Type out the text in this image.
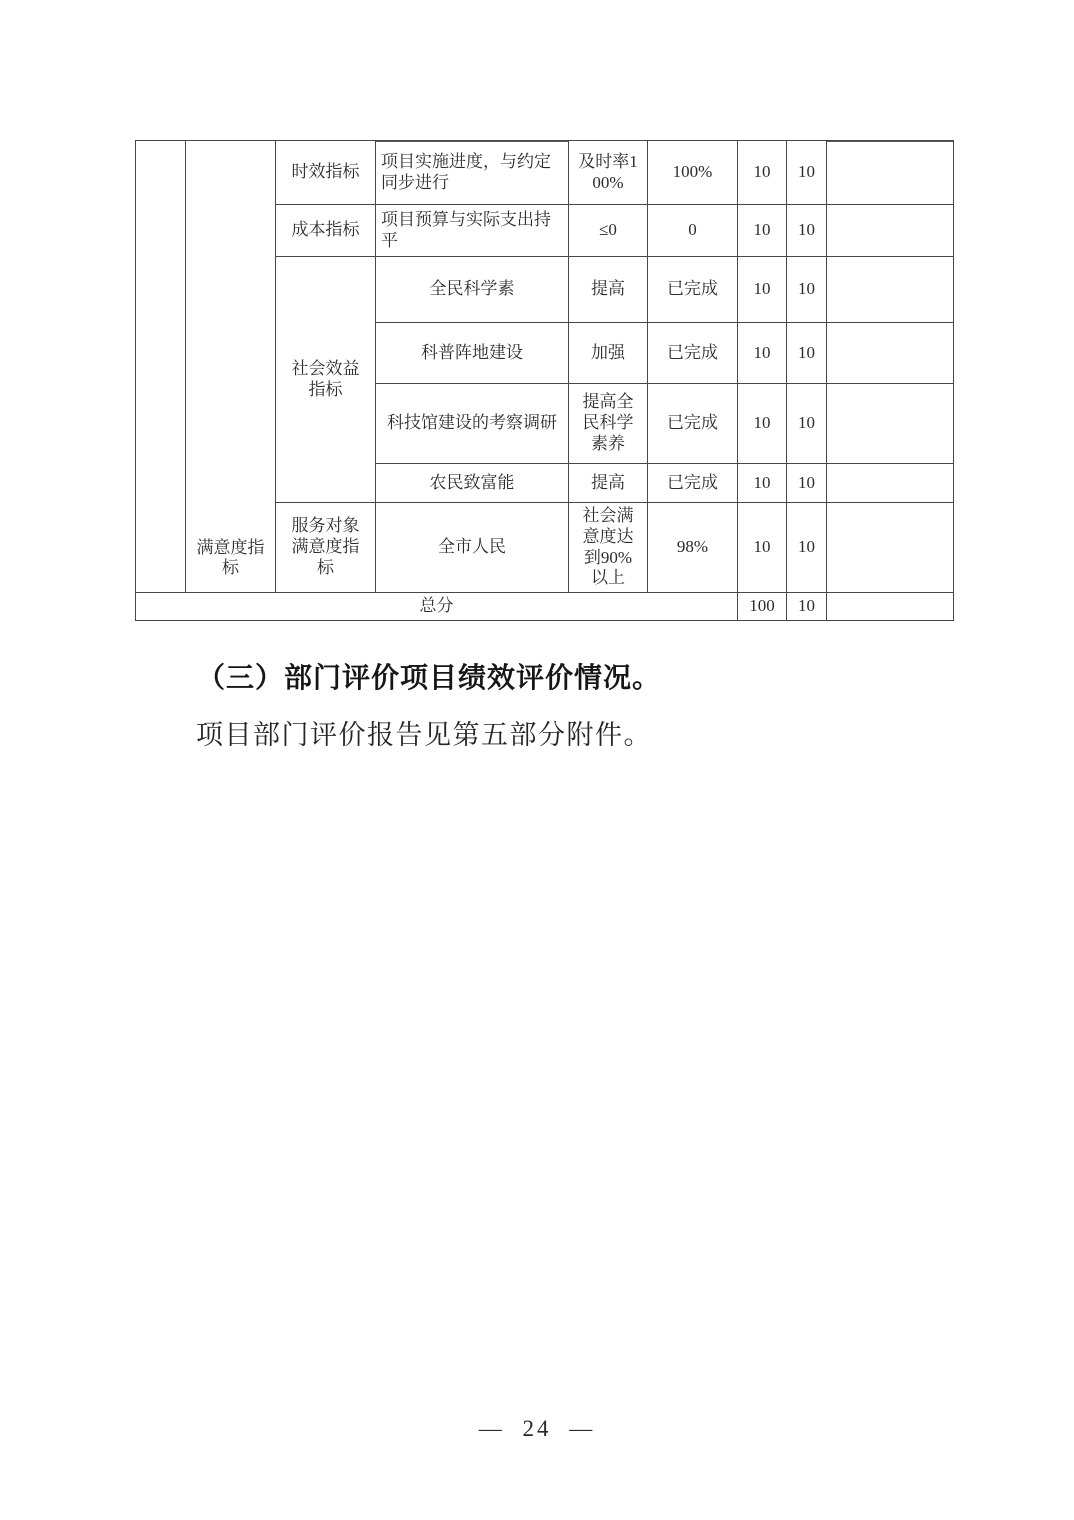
	满意度指标	时效指标	项目实施进度，与约定同步进行	及时率100%	100%	10	10	
		成本指标	项目预算与实际支出持平	≤0	0	10	10	
		社会效益指标	全民科学素	提高	已完成	10	10	
			科普阵地建设	加强	已完成	10	10	
			科技馆建设的考察调研	提高全民科学素养	已完成	10	10	
			农民致富能	提高	已完成	10	10	
		服务对象满意度指标	全市人民	社会满意度达到90%以上	98%	10	10	
总分						100	10	
（三）部门评价项目绩效评价情况。
项目部门评价报告见第五部分附件。
— 24 —
